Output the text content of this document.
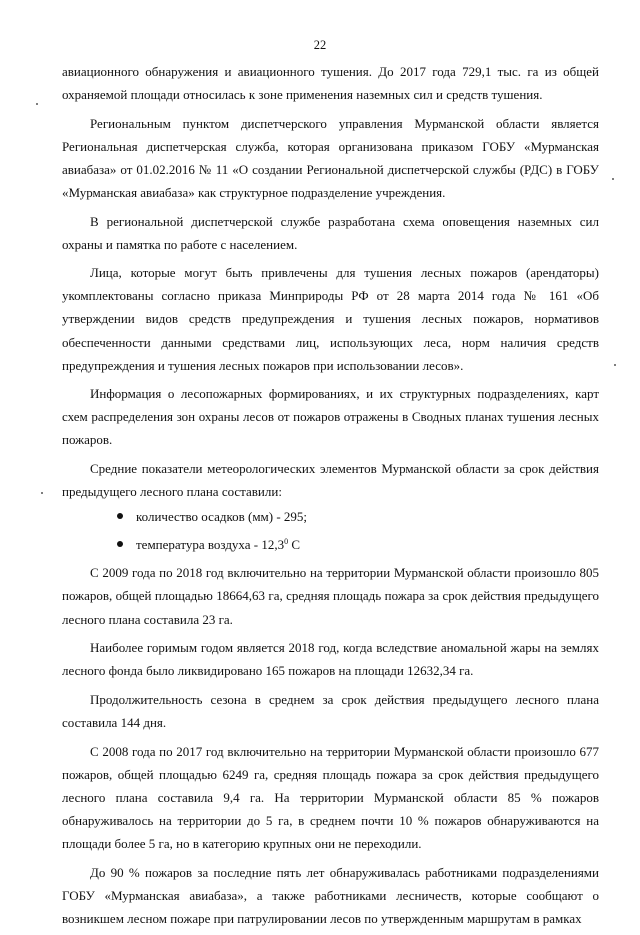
22

авиационного обнаружения и авиационного тушения. До 2017 года 729,1 тыс. га из общей охраняемой площади относилась к зоне применения наземных сил и средств тушения.

Региональным пунктом диспетчерского управления Мурманской области является Региональная диспетчерская служба, которая организована приказом ГОБУ «Мурманская авиабаза» от 01.02.2016 № 11 «О создании Региональной диспетчерской службы (РДС) в ГОБУ «Мурманская авиабаза» как структурное подразделение учреждения.

В региональной диспетчерской службе разработана схема оповещения наземных сил охраны и памятка по работе с населением.

Лица, которые могут быть привлечены для тушения лесных пожаров (арендаторы) укомплектованы согласно приказа Минприроды РФ от 28 марта 2014 года № 161 «Об утверждении видов средств предупреждения и тушения лесных пожаров, нормативов обеспеченности данными средствами лиц, использующих леса, норм наличия средств предупреждения и тушения лесных пожаров при использовании лесов».

Информация о лесопожарных формированиях, и их структурных подразделениях, карт схем распределения зон охраны лесов от пожаров отражены в Сводных планах тушения лесных пожаров.

Средние показатели метеорологических элементов Мурманской области за срок действия предыдущего лесного плана составили:

количество осадков (мм) - 295;
температура воздуха - 12,3$^0$ С

С 2009 года по 2018 год включительно на территории Мурманской области произошло 805 пожаров, общей площадью 18664,63 га, средняя площадь пожара за срок действия предыдущего лесного плана составила 23 га.

Наиболее горимым годом является 2018 год, когда вследствие аномальной жары на землях лесного фонда было ликвидировано 165 пожаров на площади 12632,34 га.

Продолжительность сезона в среднем за срок действия предыдущего лесного плана составила 144 дня.

С 2008 года по 2017 год включительно на территории Мурманской области произошло 677 пожаров, общей площадью 6249 га, средняя площадь пожара за срок действия предыдущего лесного плана составила 9,4 га. На территории Мурманской области 85 % пожаров обнаруживалось на территории до 5 га, в среднем почти 10 % пожаров обнаруживаются на площади более 5 га, но в категорию крупных они не переходили.

До 90 % пожаров за последние пять лет обнаруживалась работниками подразделениями ГОБУ «Мурманская авиабаза», а также работниками лесничеств, которые сообщают о возникшем лесном пожаре при патрулировании лесов по утвержденным маршрутам в рамках
